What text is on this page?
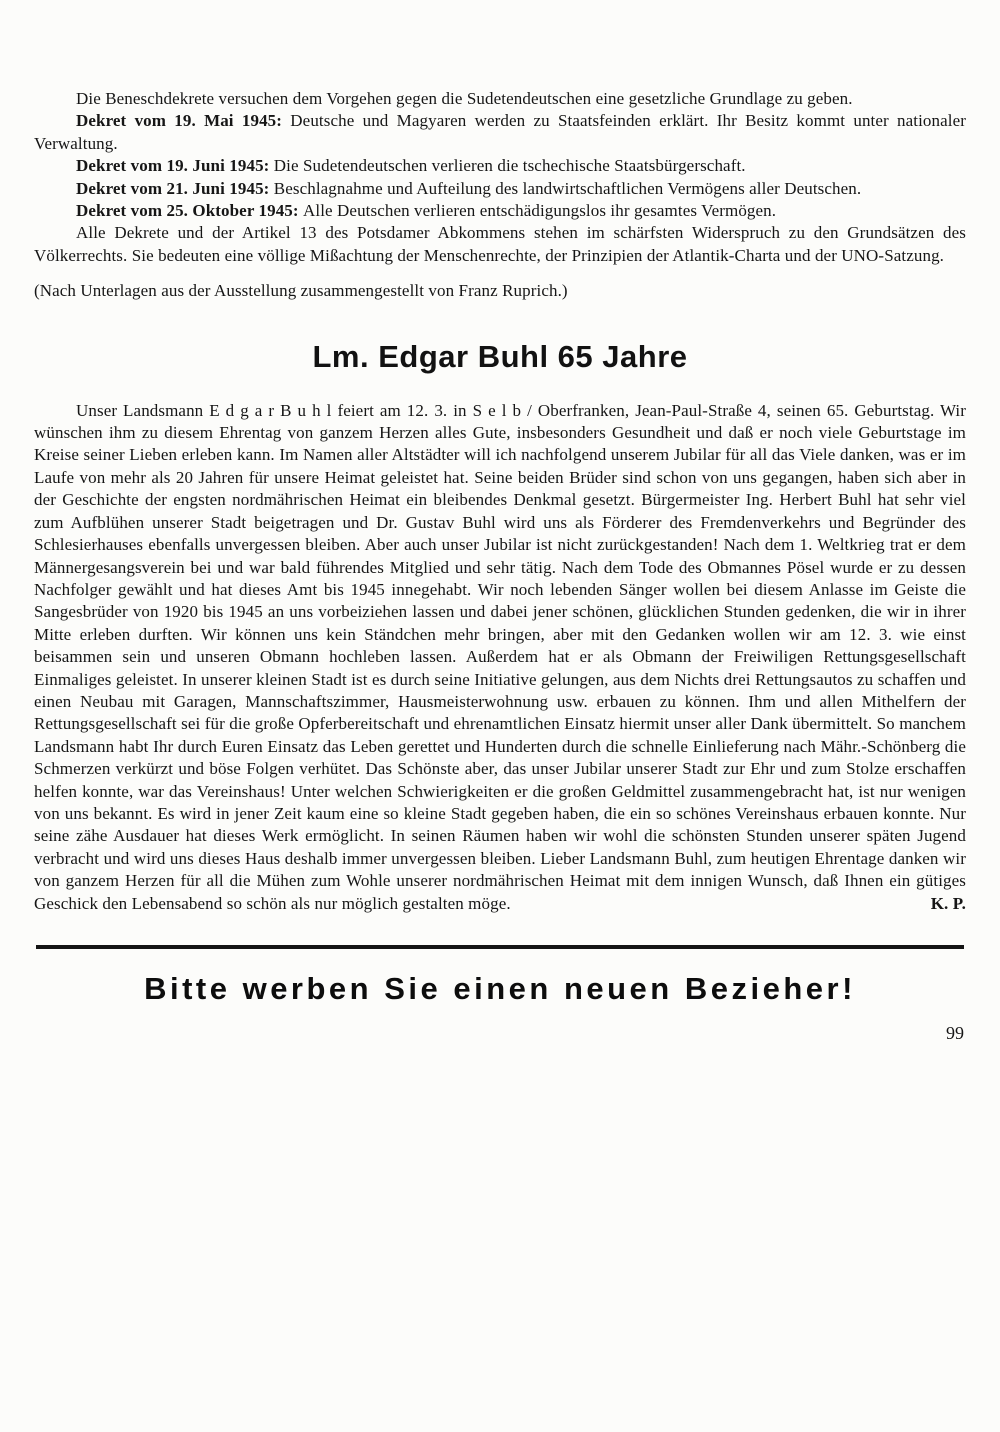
Die Beneschdekrete versuchen dem Vorgehen gegen die Sudetendeutschen eine gesetzliche Grundlage zu geben.

Dekret vom 19. Mai 1945: Deutsche und Magyaren werden zu Staatsfeinden erklärt. Ihr Besitz kommt unter nationaler Verwaltung.

Dekret vom 19. Juni 1945: Die Sudetendeutschen verlieren die tschechische Staatsbürgerschaft.

Dekret vom 21. Juni 1945: Beschlagnahme und Aufteilung des landwirtschaftlichen Vermögens aller Deutschen.

Dekret vom 25. Oktober 1945: Alle Deutschen verlieren entschädigungslos ihr gesamtes Vermögen.

Alle Dekrete und der Artikel 13 des Potsdamer Abkommens stehen im schärfsten Widerspruch zu den Grundsätzen des Völkerrechts. Sie bedeuten eine völlige Mißachtung der Menschenrechte, der Prinzipien der Atlantik-Charta und der UNO-Satzung.

(Nach Unterlagen aus der Ausstellung zusammengestellt von Franz Ruprich.)

Lm. Edgar Buhl 65 Jahre

Unser Landsmann E d g a r B u h l feiert am 12. 3. in S e l b / Oberfranken, Jean-Paul-Straße 4, seinen 65. Geburtstag. Wir wünschen ihm zu diesem Ehrentag von ganzem Herzen alles Gute, insbesonders Gesundheit und daß er noch viele Geburtstage im Kreise seiner Lieben erleben kann. Im Namen aller Altstädter will ich nachfolgend unserem Jubilar für all das Viele danken, was er im Laufe von mehr als 20 Jahren für unsere Heimat geleistet hat. Seine beiden Brüder sind schon von uns gegangen, haben sich aber in der Geschichte der engsten nordmährischen Heimat ein bleibendes Denkmal gesetzt. Bürgermeister Ing. Herbert Buhl hat sehr viel zum Aufblühen unserer Stadt beigetragen und Dr. Gustav Buhl wird uns als Förderer des Fremdenverkehrs und Begründer des Schlesierhauses ebenfalls unvergessen bleiben. Aber auch unser Jubilar ist nicht zurückgestanden! Nach dem 1. Weltkrieg trat er dem Männergesangsverein bei und war bald führendes Mitglied und sehr tätig. Nach dem Tode des Obmannes Pösel wurde er zu dessen Nachfolger gewählt und hat dieses Amt bis 1945 innegehabt. Wir noch lebenden Sänger wollen bei diesem Anlasse im Geiste die Sangesbrüder von 1920 bis 1945 an uns vorbeiziehen lassen und dabei jener schönen, glücklichen Stunden gedenken, die wir in ihrer Mitte erleben durften. Wir können uns kein Ständchen mehr bringen, aber mit den Gedanken wollen wir am 12. 3. wie einst beisammen sein und unseren Obmann hochleben lassen. Außerdem hat er als Obmann der Freiwiligen Rettungsgesellschaft Einmaliges geleistet. In unserer kleinen Stadt ist es durch seine Initiative gelungen, aus dem Nichts drei Rettungsautos zu schaffen und einen Neubau mit Garagen, Mannschaftszimmer, Hausmeisterwohnung usw. erbauen zu können. Ihm und allen Mithelfern der Rettungsgesellschaft sei für die große Opferbereitschaft und ehrenamtlichen Einsatz hiermit unser aller Dank übermittelt. So manchem Landsmann habt Ihr durch Euren Einsatz das Leben gerettet und Hunderten durch die schnelle Einlieferung nach Mähr.-Schönberg die Schmerzen verkürzt und böse Folgen verhütet. Das Schönste aber, das unser Jubilar unserer Stadt zur Ehr und zum Stolze erschaffen helfen konnte, war das Vereinshaus! Unter welchen Schwierigkeiten er die großen Geldmittel zusammengebracht hat, ist nur wenigen von uns bekannt. Es wird in jener Zeit kaum eine so kleine Stadt gegeben haben, die ein so schönes Vereinshaus erbauen konnte. Nur seine zähe Ausdauer hat dieses Werk ermöglicht. In seinen Räumen haben wir wohl die schönsten Stunden unserer späten Jugend verbracht und wird uns dieses Haus deshalb immer unvergessen bleiben. Lieber Landsmann Buhl, zum heutigen Ehrentage danken wir von ganzem Herzen für all die Mühen zum Wohle unserer nordmährischen Heimat mit dem innigen Wunsch, daß Ihnen ein gütiges Geschick den Lebensabend so schön als nur möglich gestalten möge.	K. P.

Bitte werben Sie einen neuen Bezieher!
99
